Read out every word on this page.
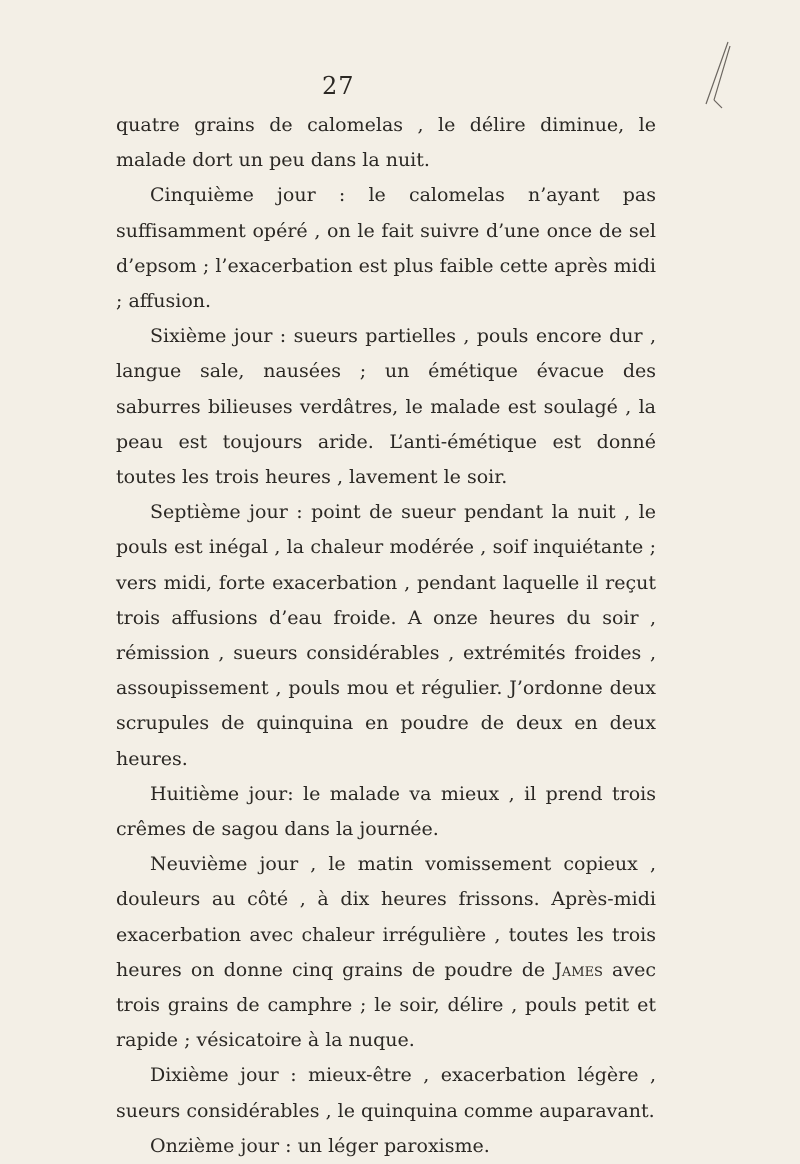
27

quatre grains de calomelas , le délire diminue, le malade dort un peu dans la nuit.

Cinquième jour : le calomelas n’ayant pas suffisamment opéré , on le fait suivre d’une once de sel d’epsom ; l’exacerbation est plus faible cette après midi ; affusion.

Sixième jour : sueurs partielles , pouls encore dur , langue sale, nausées ; un émétique évacue des saburres bilieuses verdâtres, le malade est soulagé , la peau est toujours aride. L’anti-émétique est donné toutes les trois heures , lavement le soir.

Septième jour : point de sueur pendant la nuit , le pouls est inégal , la chaleur modérée , soif inquiétante ; vers midi, forte exacerbation , pendant laquelle il reçut trois affusions d’eau froide. A onze heures du soir , rémission , sueurs considérables , extrémités froides , assoupissement , pouls mou et régulier. J’ordonne deux scrupules de quinquina en poudre de deux en deux heures.

Huitième jour: le malade va mieux , il prend trois crêmes de sagou dans la journée.

Neuvième jour , le matin vomissement copieux , douleurs au côté , à dix heures frissons. Après-midi exacerbation avec chaleur irrégulière , toutes les trois heures on donne cinq grains de poudre de James avec trois grains de camphre ; le soir, délire , pouls petit et rapide ; vésicatoire à la nuque.

Dixième jour : mieux-être , exacerbation légère , sueurs considérables , le quinquina comme auparavant.

Onzième jour : un léger paroxisme.
